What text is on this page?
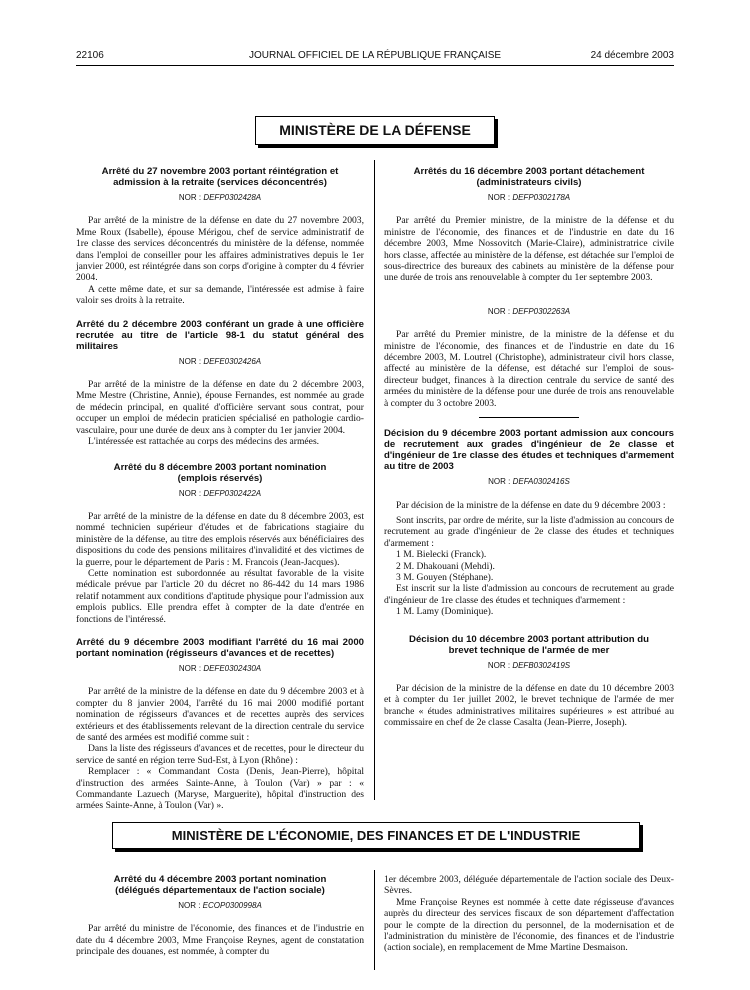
22106	JOURNAL OFFICIEL DE LA RÉPUBLIQUE FRANÇAISE	24 décembre 2003
MINISTÈRE DE LA DÉFENSE
Arrêté du 27 novembre 2003 portant réintégration et admission à la retraite (services déconcentrés)
NOR : DEFP0302428A

Par arrêté de la ministre de la défense en date du 27 novembre 2003, Mme Roux (Isabelle), épouse Mérigou, chef de service administratif de 1re classe des services déconcentrés du ministère de la défense, nommée dans l'emploi de conseiller pour les affaires administratives depuis le 1er janvier 2000, est réintégrée dans son corps d'origine à compter du 4 février 2004.

A cette même date, et sur sa demande, l'intéressée est admise à faire valoir ses droits à la retraite.

Arrêté du 2 décembre 2003 conférant un grade à une officière recrutée au titre de l'article 98-1 du statut général des militaires
NOR : DEFE0302426A

Par arrêté de la ministre de la défense en date du 2 décembre 2003, Mme Mestre (Christine, Annie), épouse Fernandes, est nommée au grade de médecin principal, en qualité d'officière servant sous contrat, pour occuper un emploi de médecin praticien spécialisé en pathologie cardio-vasculaire, pour une durée de deux ans à compter du 1er janvier 2004.

L'intéressée est rattachée au corps des médecins des armées.

Arrêté du 8 décembre 2003 portant nomination (emplois réservés)
NOR : DEFP0302422A

Par arrêté de la ministre de la défense en date du 8 décembre 2003, est nommé technicien supérieur d'études et de fabrications stagiaire du ministère de la défense, au titre des emplois réservés aux bénéficiaires des dispositions du code des pensions militaires d'invalidité et des victimes de la guerre, pour le département de Paris : M. Francois (Jean-Jacques).

Cette nomination est subordonnée au résultat favorable de la visite médicale prévue par l'article 20 du décret no 86-442 du 14 mars 1986 relatif notamment aux conditions d'aptitude physique pour l'admission aux emplois publics. Elle prendra effet à compter de la date d'entrée en fonctions de l'intéressé.

Arrêté du 9 décembre 2003 modifiant l'arrêté du 16 mai 2000 portant nomination (régisseurs d'avances et de recettes)
NOR : DEFE0302430A

Par arrêté de la ministre de la défense en date du 9 décembre 2003 et à compter du 8 janvier 2004, l'arrêté du 16 mai 2000 modifié portant nomination de régisseurs d'avances et de recettes auprès des services extérieurs et des établissements relevant de la direction centrale du service de santé des armées est modifié comme suit :

Dans la liste des régisseurs d'avances et de recettes, pour le directeur du service de santé en région terre Sud-Est, à Lyon (Rhône) :

Remplacer : « Commandant Costa (Denis, Jean-Pierre), hôpital d'instruction des armées Sainte-Anne, à Toulon (Var) » par : « Commandante Lazuech (Maryse, Marguerite), hôpital d'instruction des armées Sainte-Anne, à Toulon (Var) ».

Arrêtés du 16 décembre 2003 portant détachement (administrateurs civils)
NOR : DEFP0302178A

Par arrêté du Premier ministre, de la ministre de la défense et du ministre de l'économie, des finances et de l'industrie en date du 16 décembre 2003, Mme Nossovitch (Marie-Claire), administratrice civile hors classe, affectée au ministère de la défense, est détachée sur l'emploi de sous-directrice des bureaux des cabinets au ministère de la défense pour une durée de trois ans renouvelable à compter du 1er septembre 2003.

NOR : DEFP0302263A

Par arrêté du Premier ministre, de la ministre de la défense et du ministre de l'économie, des finances et de l'industrie en date du 16 décembre 2003, M. Loutrel (Christophe), administrateur civil hors classe, affecté au ministère de la défense, est détaché sur l'emploi de sous-directeur budget, finances à la direction centrale du service de santé des armées du ministère de la défense pour une durée de trois ans renouvelable à compter du 3 octobre 2003.

Décision du 9 décembre 2003 portant admission aux concours de recrutement aux grades d'ingénieur de 2e classe et d'ingénieur de 1re classe des études et techniques d'armement au titre de 2003
NOR : DEFA0302416S

Par décision de la ministre de la défense en date du 9 décembre 2003 :

Sont inscrits, par ordre de mérite, sur la liste d'admission au concours de recrutement au grade d'ingénieur de 2e classe des études et techniques d'armement :

1 M. Bielecki (Franck).

2 M. Dhakouani (Mehdi).

3 M. Gouyen (Stéphane).

Est inscrit sur la liste d'admission au concours de recrutement au grade d'ingénieur de 1re classe des études et techniques d'armement :

1 M. Lamy (Dominique).

Décision du 10 décembre 2003 portant attribution du brevet technique de l'armée de mer
NOR : DEFB0302419S

Par décision de la ministre de la défense en date du 10 décembre 2003 et à compter du 1er juillet 2002, le brevet technique de l'armée de mer branche « études administratives militaires supérieures » est attribué au commissaire en chef de 2e classe Casalta (Jean-Pierre, Joseph).

MINISTÈRE DE L'ÉCONOMIE, DES FINANCES ET DE L'INDUSTRIE
Arrêté du 4 décembre 2003 portant nomination (délégués départementaux de l'action sociale)
NOR : ECOP0300998A

Par arrêté du ministre de l'économie, des finances et de l'industrie en date du 4 décembre 2003, Mme Françoise Reynes, agent de constatation principale des douanes, est nommée, à compter du

1er décembre 2003, déléguée départementale de l'action sociale des Deux-Sèvres.

Mme Françoise Reynes est nommée à cette date régisseuse d'avances auprès du directeur des services fiscaux de son département d'affectation pour le compte de la direction du personnel, de la modernisation et de l'administration du ministère de l'économie, des finances et de l'industrie (action sociale), en remplacement de Mme Martine Desmaison.
